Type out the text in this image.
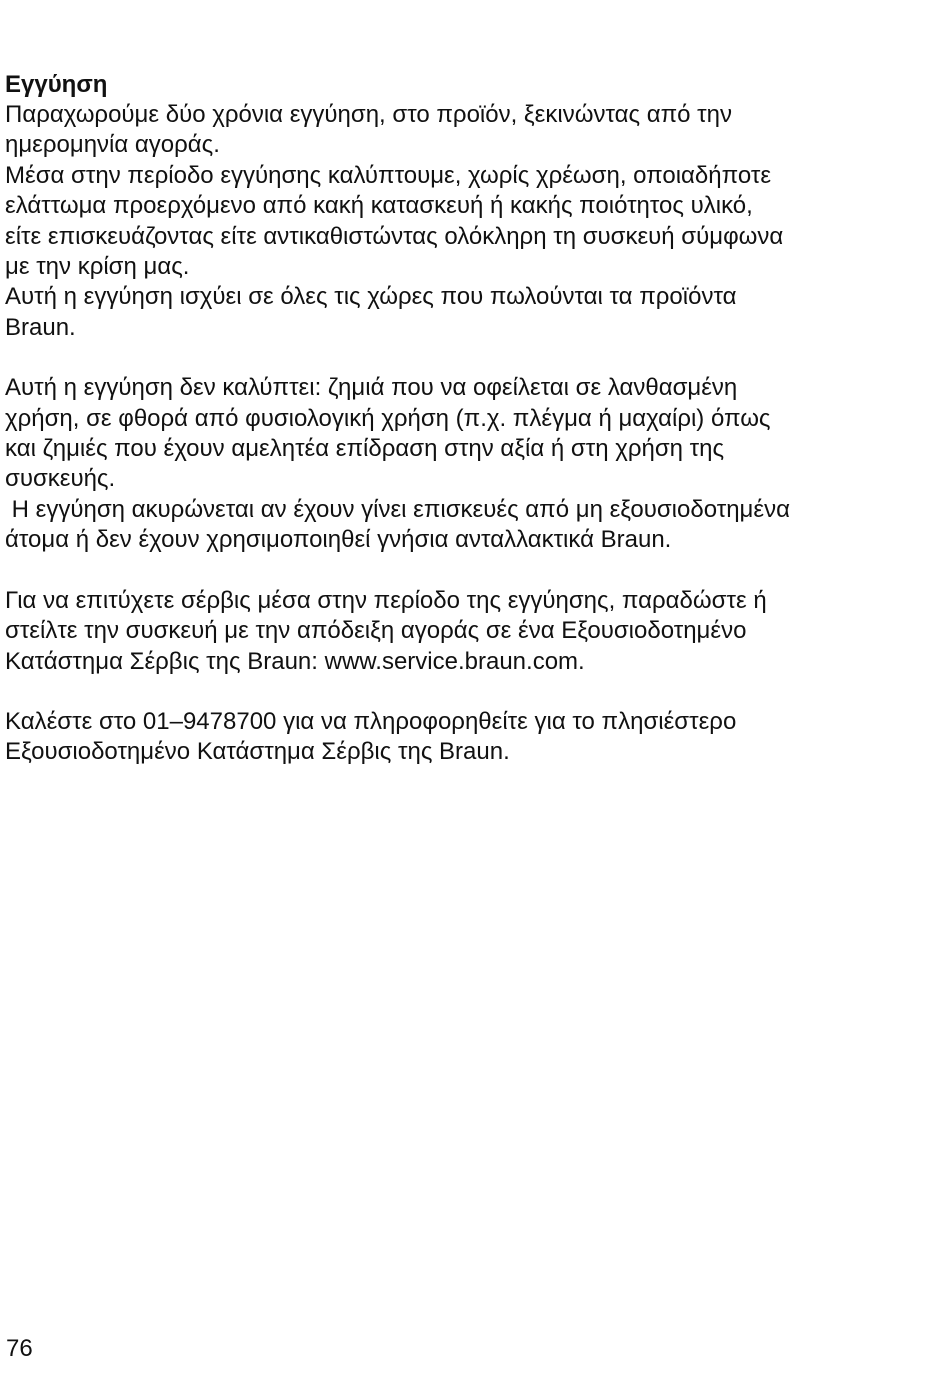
Εγγύηση
Παραχωρούμε δύο χρόνια εγγύηση, στο προϊόν, ξεκινώντας από την
ημερομηνία αγοράς.
Μέσα στην περίοδο εγγύησης καλύπτουμε, χωρίς χρέωση, οποιαδήποτε
ελάττωμα προερχόμενο από κακή κατασκευή ή κακής ποιότητος υλικό,
είτε επισκευάζοντας είτε αντικαθιστώντας ολόκληρη τη συσκευή σύμφωνα
με την κρίση μας.
Αυτή η εγγύηση ισχύει σε όλες τις χώρες που πωλούνται τα προϊόντα
Braun.
Αυτή η εγγύηση δεν καλύπτει: ζημιά που να οφείλεται σε λανθασμένη
χρήση, σε φθορά από φυσιολογική χρήση (π.χ. πλέγμα ή μαχαίρι) όπως
και ζημιές που έχουν αμελητέα επίδραση στην αξία ή στη χρήση της
συσκευής.
Η εγγύηση ακυρώνεται αν έχουν γίνει επισκευές από μη εξουσιοδοτημένα
άτομα ή δεν έχουν χρησιμοποιηθεί γνήσια ανταλλακτικά Braun.
Για να επιτύχετε σέρβις μέσα στην περίοδο της εγγύησης, παραδώστε ή
στείλτε την συσκευή με την απόδειξη αγοράς σε ένα Εξουσιοδοτημένο
Κατάστημα Σέρβις της Braun: www.service.braun.com.
Καλέστε στο 01–9478700 για να πληροφορηθείτε για το πλησιέστερο
Εξουσιοδοτημένο Κατάστημα Σέρβις της Braun.
76
